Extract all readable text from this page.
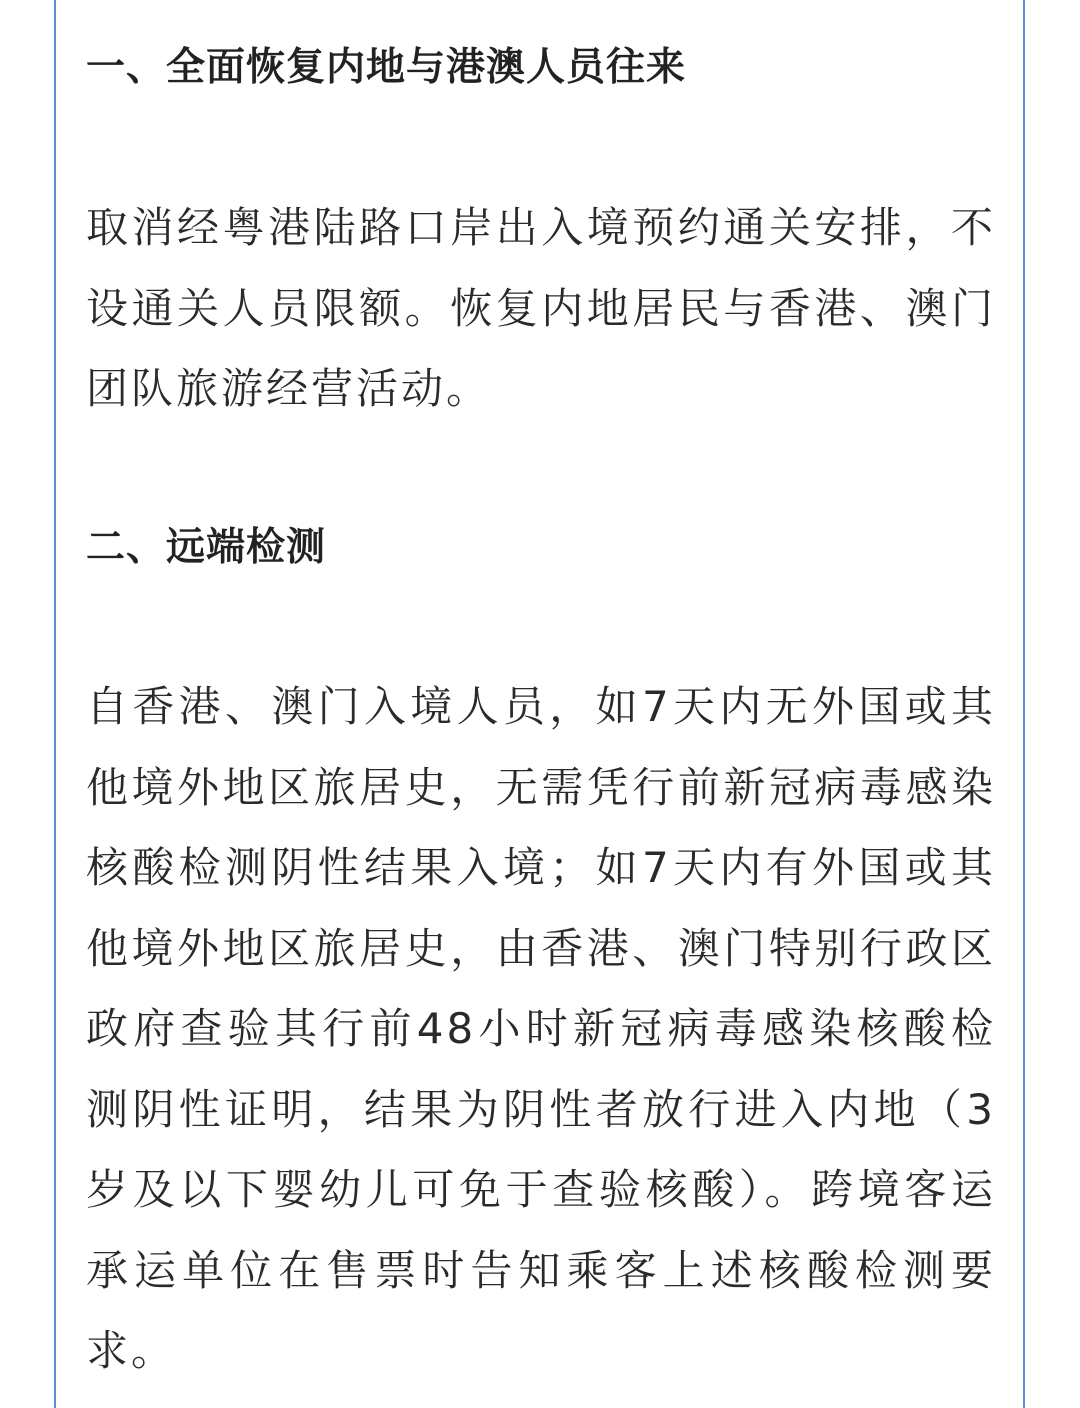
一、全面恢复内地与港澳人员往来

取消经粤港陆路口岸出入境预约通关安排，不设通关人员限额。恢复内地居民与香港、澳门团队旅游经营活动。

二、远端检测

自香港、澳门入境人员，如7天内无外国或其他境外地区旅居史，无需凭行前新冠病毒感染核酸检测阴性结果入境；如7天内有外国或其他境外地区旅居史，由香港、澳门特别行政区政府查验其行前48小时新冠病毒感染核酸检测阴性证明，结果为阴性者放行进入内地（3岁及以下婴幼儿可免于查验核酸）。跨境客运承运单位在售票时告知乘客上述核酸检测要求。
